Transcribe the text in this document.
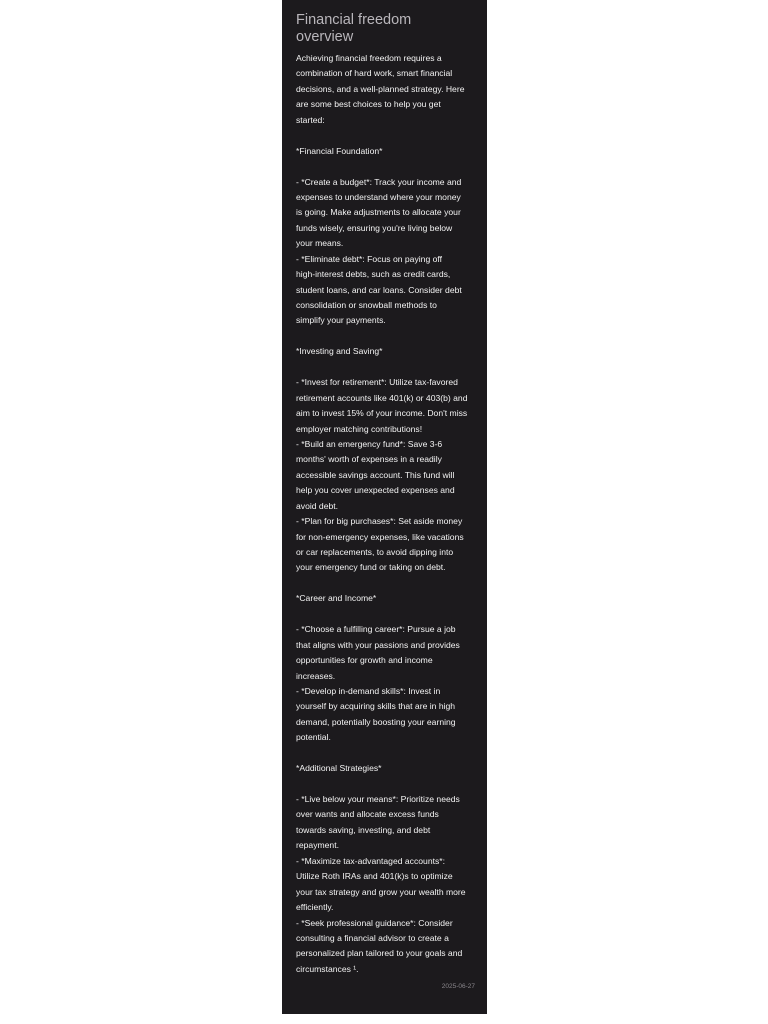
Financial freedom
overview
Achieving financial freedom requires a
combination of hard work, smart financial
decisions, and a well-planned strategy. Here
are some best choices to help you get
started:
*Financial Foundation*
- *Create a budget*: Track your income and
expenses to understand where your money
is going. Make adjustments to allocate your
funds wisely, ensuring you're living below
your means.
- *Eliminate debt*: Focus on paying off
high-interest debts, such as credit cards,
student loans, and car loans. Consider debt
consolidation or snowball methods to
simplify your payments.
*Investing and Saving*
- *Invest for retirement*: Utilize tax-favored
retirement accounts like 401(k) or 403(b) and
aim to invest 15% of your income. Don't miss
employer matching contributions!
- *Build an emergency fund*: Save 3-6
months' worth of expenses in a readily
accessible savings account. This fund will
help you cover unexpected expenses and
avoid debt.
- *Plan for big purchases*: Set aside money
for non-emergency expenses, like vacations
or car replacements, to avoid dipping into
your emergency fund or taking on debt.
*Career and Income*
- *Choose a fulfilling career*: Pursue a job
that aligns with your passions and provides
opportunities for growth and income
increases.
- *Develop in-demand skills*: Invest in
yourself by acquiring skills that are in high
demand, potentially boosting your earning
potential.
*Additional Strategies*
- *Live below your means*: Prioritize needs
over wants and allocate excess funds
towards saving, investing, and debt
repayment.
- *Maximize tax-advantaged accounts*:
Utilize Roth IRAs and 401(k)s to optimize
your tax strategy and grow your wealth more
efficiently.
- *Seek professional guidance*: Consider
consulting a financial advisor to create a
personalized plan tailored to your goals and
circumstances ¹.
2025-06-27
